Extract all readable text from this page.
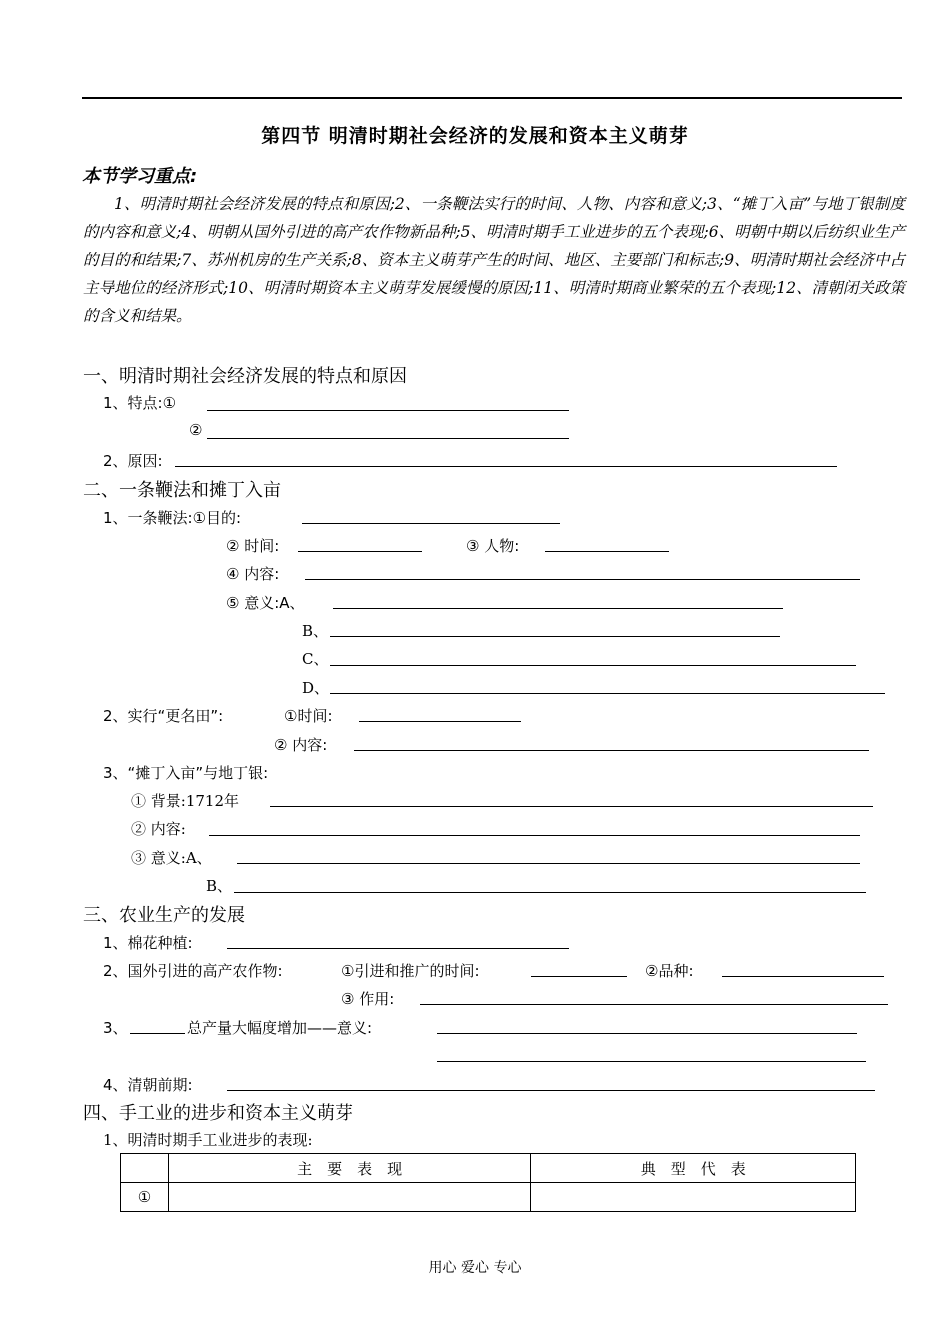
第四节 明清时期社会经济的发展和资本主义萌芽
本节学习重点:
1、明清时期社会经济发展的特点和原因;2、一条鞭法实行的时间、人物、内容和意义;3、“摊丁入亩”与地丁银制度的内容和意义;4、明朝从国外引进的高产农作物新品种;5、明清时期手工业进步的五个表现;6、明朝中期以后纺织业生产的目的和结果;7、苏州机房的生产关系;8、资本主义萌芽产生的时间、地区、主要部门和标志;9、明清时期社会经济中占主导地位的经济形式;10、明清时期资本主义萌芽发展缓慢的原因;11、明清时期商业繁荣的五个表现;12、清朝闭关政策的含义和结果。
一、明清时期社会经济发展的特点和原因
1、特点:①
②
2、原因:
二、一条鞭法和摊丁入亩
1、一条鞭法:①目的:
② 时间:	③ 人物:
④ 内容:
⑤ 意义:A、
B、
C、
D、
2、实行“更名田”:	①时间:
② 内容:
3、“摊丁入亩”与地丁银:
① 背景:1712年
② 内容:
③ 意义:A、
B、
三、农业生产的发展
1、棉花种植:
2、国外引进的高产农作物:	①引进和推广的时间:	②品种:
③ 作用:
3、	总产量大幅度增加——意义:
4、清朝前期:
四、手工业的进步和资本主义萌芽
1、明清时期手工业进步的表现:
	主　要　表　现	典　型　代　表
①		
用心 爱心 专心
